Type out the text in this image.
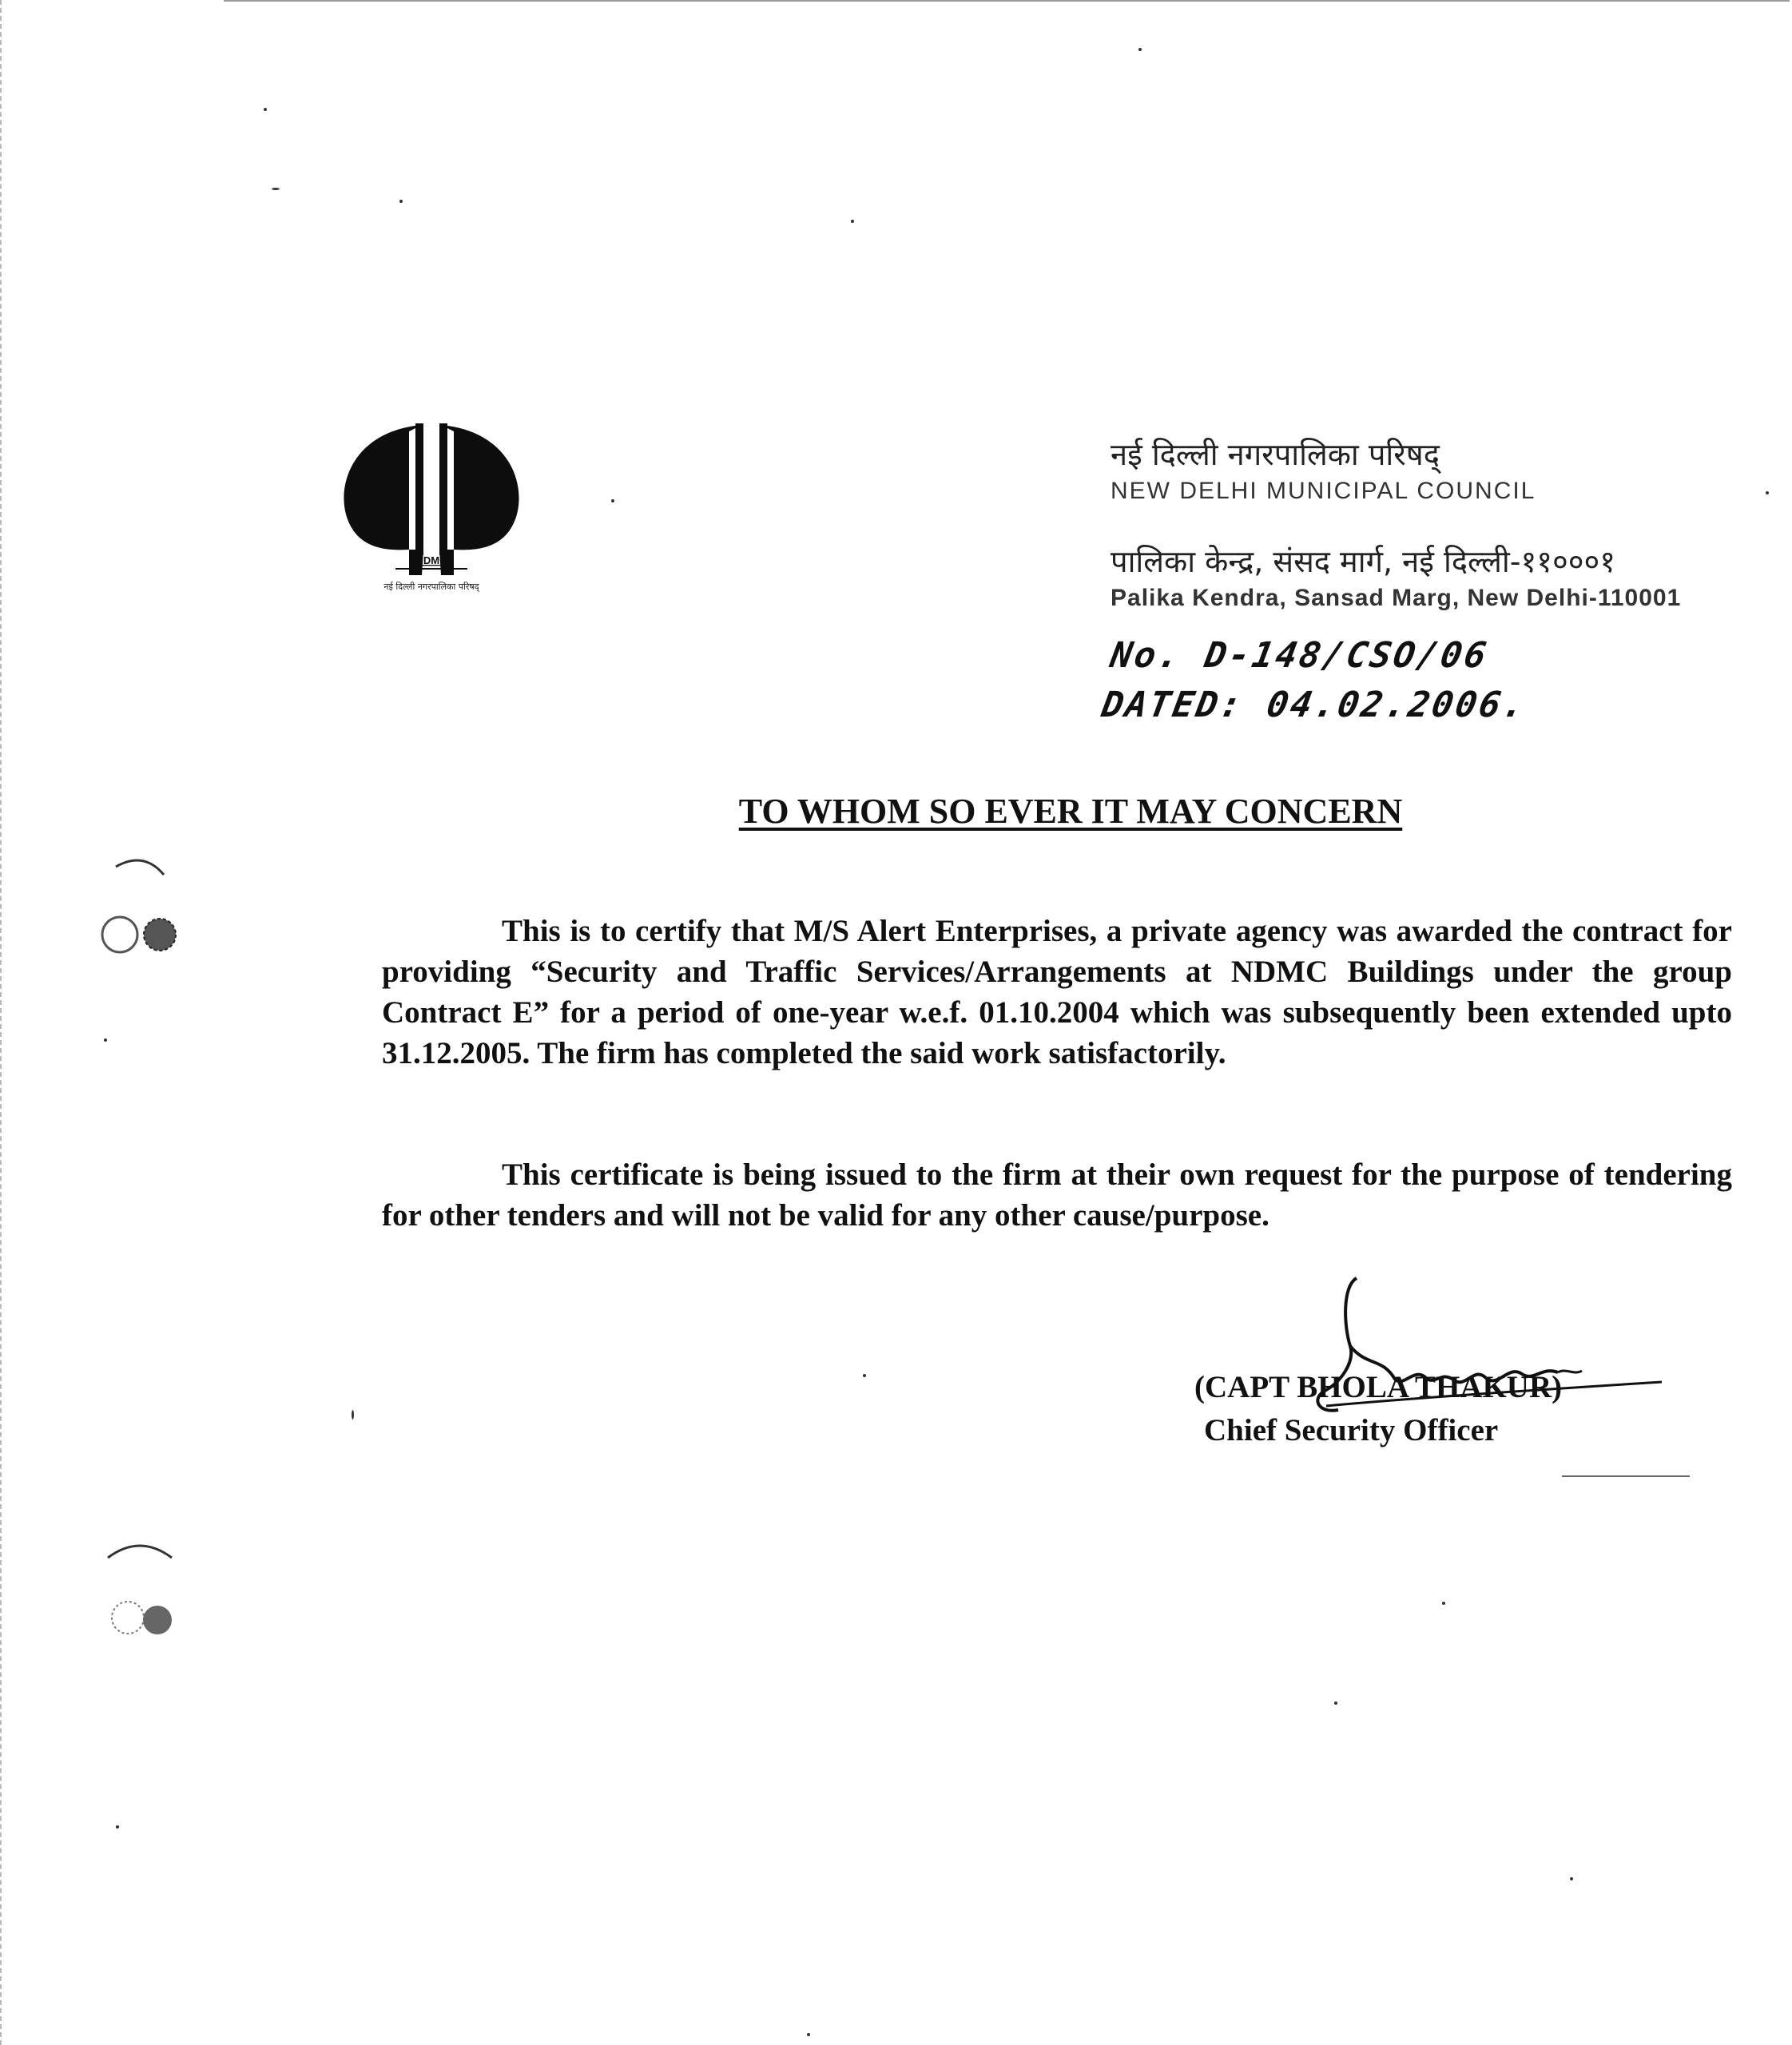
NDMC
नई दिल्ली नगरपालिका परिषद्
नई दिल्ली नगरपालिका परिषद्
NEW DELHI MUNICIPAL COUNCIL
पालिका केन्द्र, संसद मार्ग, नई दिल्ली-११०००१
Palika Kendra, Sansad Marg, New Delhi-110001
No. D-148/CSO/06
DATED: 04.02.2006.
TO WHOM SO EVER IT MAY CONCERN
This is to certify that M/S Alert Enterprises, a private agency was awarded the contract for providing “Security and Traffic Services/Arrangements at NDMC Buildings under the group Contract E” for a period of one-year w.e.f. 01.10.2004 which was subsequently been extended upto 31.12.2005. The firm has completed the said work satisfactorily.
This certificate is being issued to the firm at their own request for the purpose of tendering for other tenders and will not be valid for any other cause/purpose.
(CAPT BHOLA THAKUR)
Chief Security Officer
